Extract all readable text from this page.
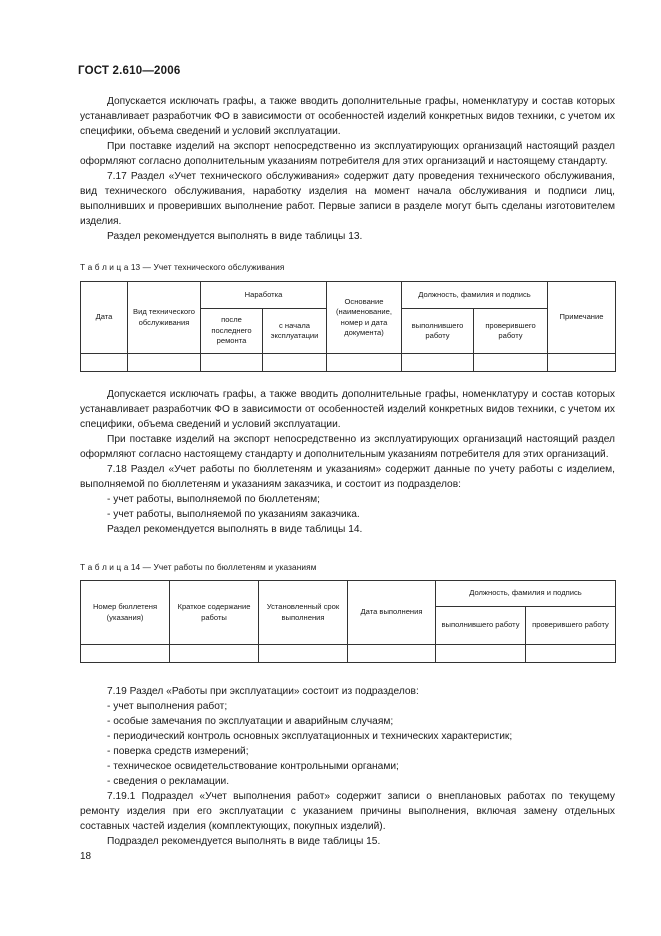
ГОСТ 2.610—2006

Допускается исключать графы, а также вводить дополнительные графы, номенклатуру и состав которых устанавливает разработчик ФО в зависимости от особенностей изделий конкретных видов техники, с учетом их специфики, объема сведений и условий эксплуатации.

При поставке изделий на экспорт непосредственно из эксплуатирующих организаций настоящий раздел оформляют согласно дополнительным указаниям потребителя для этих организаций и настоящему стандарту.

7.17 Раздел «Учет технического обслуживания» содержит дату проведения технического обслуживания, вид технического обслуживания, наработку изделия на момент начала обслуживания и подписи лиц, выполнивших и проверивших выполнение работ. Первые записи в разделе могут быть сделаны изготовителем изделия.

Раздел рекомендуется выполнять в виде таблицы 13.

Т а б л и ц а 13 — Учет технического обслуживания
Дата	Вид технического обслуживания	Наработка		Основание (наименование, номер и дата документа)	Должность, фамилия и подпись		Примечание
		после последнего ремонта	с начала эксплуатации		выполнившего работу	проверившего работу	

Допускается исключать графы, а также вводить дополнительные графы, номенклатуру и состав которых устанавливает разработчик ФО в зависимости от особенностей изделий конкретных видов техники, с учетом их специфики, объема сведений и условий эксплуатации.

При поставке изделий на экспорт непосредственно из эксплуатирующих организаций настоящий раздел оформляют согласно настоящему стандарту и дополнительным указаниям потребителя для этих организаций.

7.18 Раздел «Учет работы по бюллетеням и указаниям» содержит данные по учету работы с изделием, выполняемой по бюллетеням и указаниям заказчика, и состоит из подразделов:

- учет работы, выполняемой по бюллетеням;

- учет работы, выполняемой по указаниям заказчика.

Раздел рекомендуется выполнять в виде таблицы 14.

Т а б л и ц а 14 — Учет работы по бюллетеням и указаниям
Номер бюллетеня (указания)	Краткое содержание работы	Установленный срок выполнения	Дата выполнения	Должность, фамилия и подпись	
				выполнившего работу	проверившего работу

7.19 Раздел «Работы при эксплуатации» состоит из подразделов:

- учет выполнения работ;

- особые замечания по эксплуатации и аварийным случаям;

- периодический контроль основных эксплуатационных и технических характеристик;

- поверка средств измерений;

- техническое освидетельствование контрольными органами;

- сведения о рекламации.

7.19.1 Подраздел «Учет выполнения работ» содержит записи о внеплановых работах по текущему ремонту изделия при его эксплуатации с указанием причины выполнения, включая замену отдельных составных частей изделия (комплектующих, покупных изделий).

Подраздел рекомендуется выполнять в виде таблицы 15.

18
